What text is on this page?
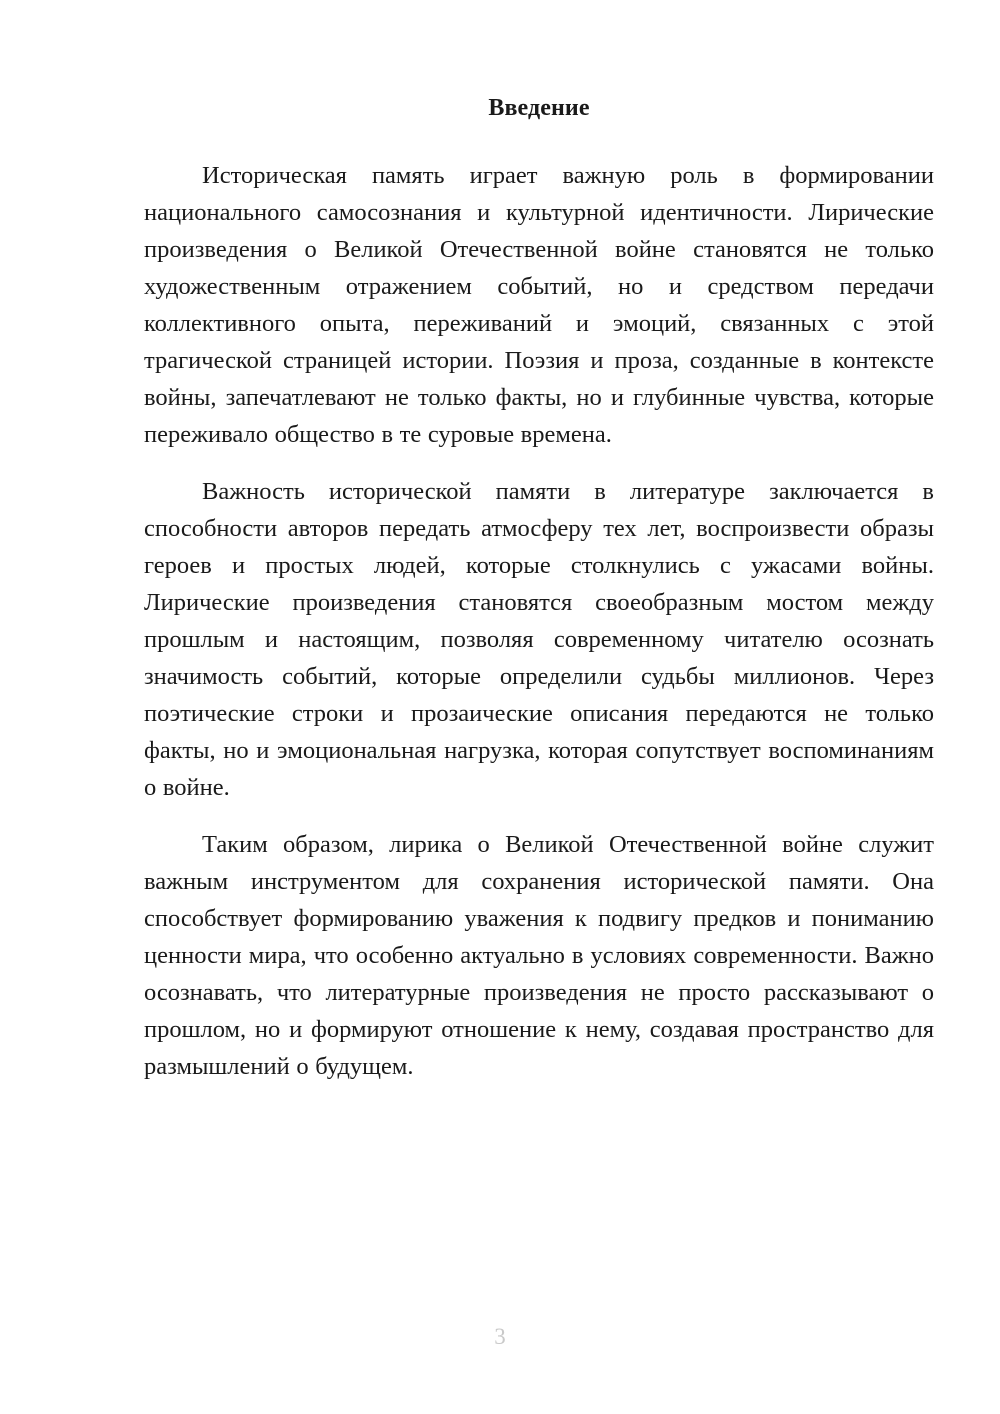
Введение

Историческая память играет важную роль в формировании национального самосознания и культурной идентичности. Лирические произведения о Великой Отечественной войне становятся не только художественным отражением событий, но и средством передачи коллективного опыта, переживаний и эмоций, связанных с этой трагической страницей истории. Поэзия и проза, созданные в контексте войны, запечатлевают не только факты, но и глубинные чувства, которые переживало общество в те суровые времена.

Важность исторической памяти в литературе заключается в способности авторов передать атмосферу тех лет, воспроизвести образы героев и простых людей, которые столкнулись с ужасами войны. Лирические произведения становятся своеобразным мостом между прошлым и настоящим, позволяя современному читателю осознать значимость событий, которые определили судьбы миллионов. Через поэтические строки и прозаические описания передаются не только факты, но и эмоциональная нагрузка, которая сопутствует воспоминаниям о войне.

Таким образом, лирика о Великой Отечественной войне служит важным инструментом для сохранения исторической памяти. Она способствует формированию уважения к подвигу предков и пониманию ценности мира, что особенно актуально в условиях современности. Важно осознавать, что литературные произведения не просто рассказывают о прошлом, но и формируют отношение к нему, создавая пространство для размышлений о будущем.

3
